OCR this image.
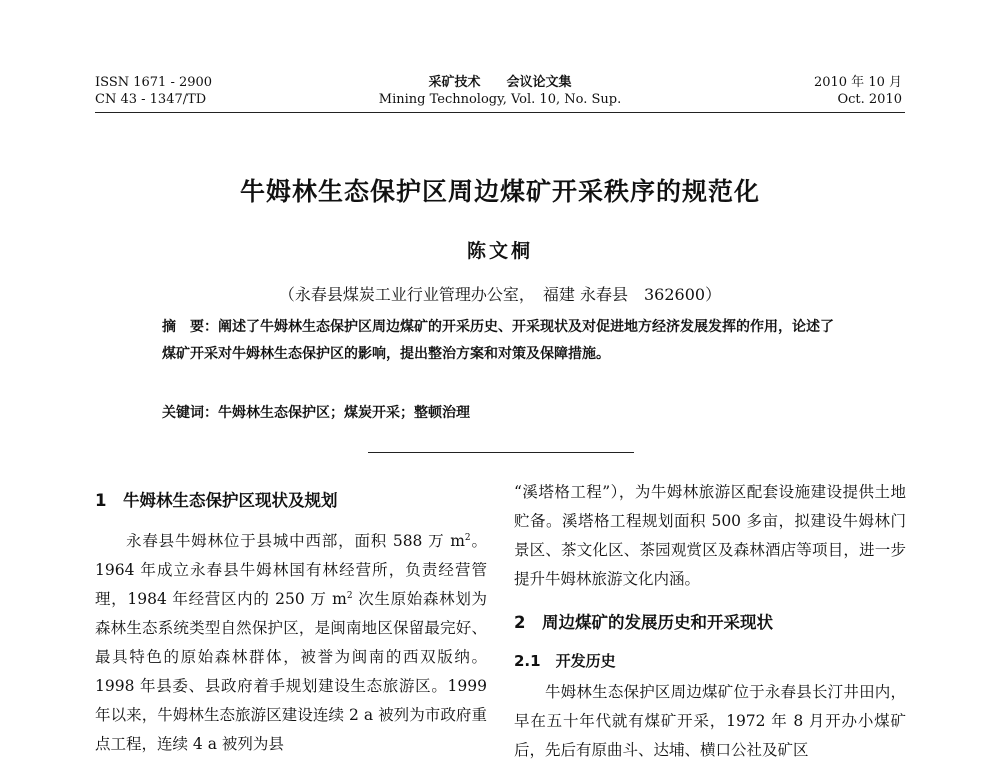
ISSN 1671 - 2900
CN 43 - 1347/TD
采矿技术　　会议论文集
Mining Technology, Vol. 10, No. Sup.
2010 年 10 月
Oct. 2010
牛姆林生态保护区周边煤矿开采秩序的规范化
陈文桐
（永春县煤炭工业行业管理办公室，　福建 永春县　362600）
摘　要：阐述了牛姆林生态保护区周边煤矿的开采历史、开采现状及对促进地方经济发展发挥的作用，论述了煤矿开采对牛姆林生态保护区的影响，提出整治方案和对策及保障措施。
关键词：牛姆林生态保护区；煤炭开采；整顿治理
1　牛姆林生态保护区现状及规划

永春县牛姆林位于县城中西部，面积 588 万 $m^2$。1964 年成立永春县牛姆林国有林经营所，负责经营管理，1984 年经营区内的 250 万 $m^2$ 次生原始森林划为森林生态系统类型自然保护区，是闽南地区保留最完好、最具特色的原始森林群体，被誉为闽南的西双版纳。1998 年县委、县政府着手规划建设生态旅游区。1999 年以来，牛姆林生态旅游区建设连续 2 a 被列为市政府重点工程，连续 4 a 被列为县

“溪塔格工程”），为牛姆林旅游区配套设施建设提供土地贮备。溪塔格工程规划面积 500 多亩，拟建设牛姆林门景区、茶文化区、茶园观赏区及森林酒店等项目，进一步提升牛姆林旅游文化内涵。

2　周边煤矿的发展历史和开采现状
2.1　开发历史

牛姆林生态保护区周边煤矿位于永春县长汀井田内，早在五十年代就有煤矿开采，1972 年 8 月开办小煤矿后，先后有原曲斗、达埔、横口公社及矿区
